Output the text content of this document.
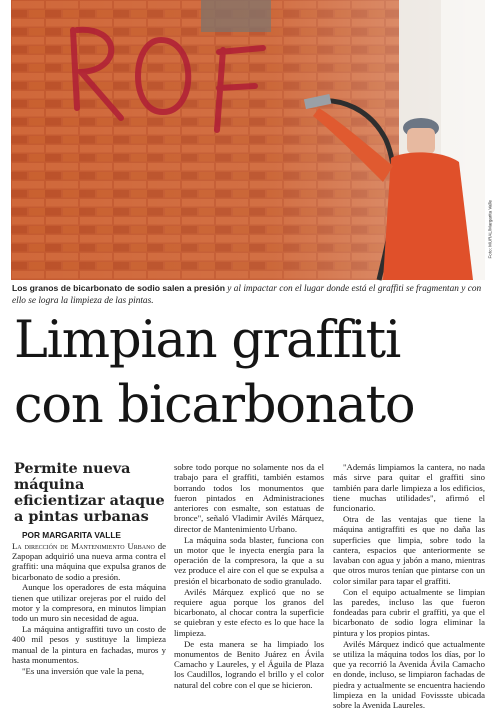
Foto: MURAL/Margarita Valle
Los granos de bicarbonato de sodio salen a presión y al impactar con el lugar donde está el graffiti se fragmentan y con ello se logra la limpieza de las pintas.
Limpian graffiti
con bicarbonato
Permite nueva máquina eficientizar ataque a pintas urbanas

POR MARGARITA VALLE

La dirección de Mantenimiento Urbano de Zapopan adquirió una nueva arma contra el graffiti: una máquina que expulsa granos de bicarbonato de sodio a presión.

Aunque los operadores de esta máquina tienen que utilizar orejeras por el ruido del motor y la compresora, en minutos limpian todo un muro sin necesidad de agua.

La máquina antigraffiti tuvo un costo de 400 mil pesos y sustituye la limpieza manual de la pintura en fachadas, muros y hasta monumentos.

"Es una inversión que vale la pena,

sobre todo porque no solamente nos da el trabajo para el graffiti, también estamos borrando todos los monumentos que fueron pintados en Administraciones anteriores con esmalte, son estatuas de bronce", señaló Vladimir Avilés Márquez, director de Mantenimiento Urbano.

La máquina soda blaster, funciona con un motor que le inyecta energía para la operación de la compresora, la que a su vez produce el aire con el que se expulsa a presión el bicarbonato de sodio granulado.

Avilés Márquez explicó que no se requiere agua porque los granos del bicarbonato, al chocar contra la superficie se quiebran y este efecto es lo que hace la limpieza.

De esta manera se ha limpiado los monumentos de Benito Juárez en Ávila Camacho y Laureles, y el Águila de Plaza los Caudillos, logrando el brillo y el color natural del cobre con el que se hicieron.

"Además limpiamos la cantera, no nada más sirve para quitar el graffiti sino también para darle limpieza a los edificios, tiene muchas utilidades", afirmó el funcionario.

Otra de las ventajas que tiene la máquina antigraffiti es que no daña las superficies que limpia, sobre todo la cantera, espacios que anteriormente se lavaban con agua y jabón a mano, mientras que otros muros tenían que pintarse con un color similar para tapar el graffiti.

Con el equipo actualmente se limpian las paredes, incluso las que fueron fondeadas para cubrir el graffiti, ya que el bicarbonato de sodio logra eliminar la pintura y los propios pintas.

Avilés Márquez indicó que actualmente se utiliza la máquina todos los días, por lo que ya recorrió la Avenida Ávila Camacho en donde, incluso, se limpiaron fachadas de piedra y actualmente se encuentra haciendo limpieza en la unidad Fovissste ubicada sobre la Avenida Laureles.
